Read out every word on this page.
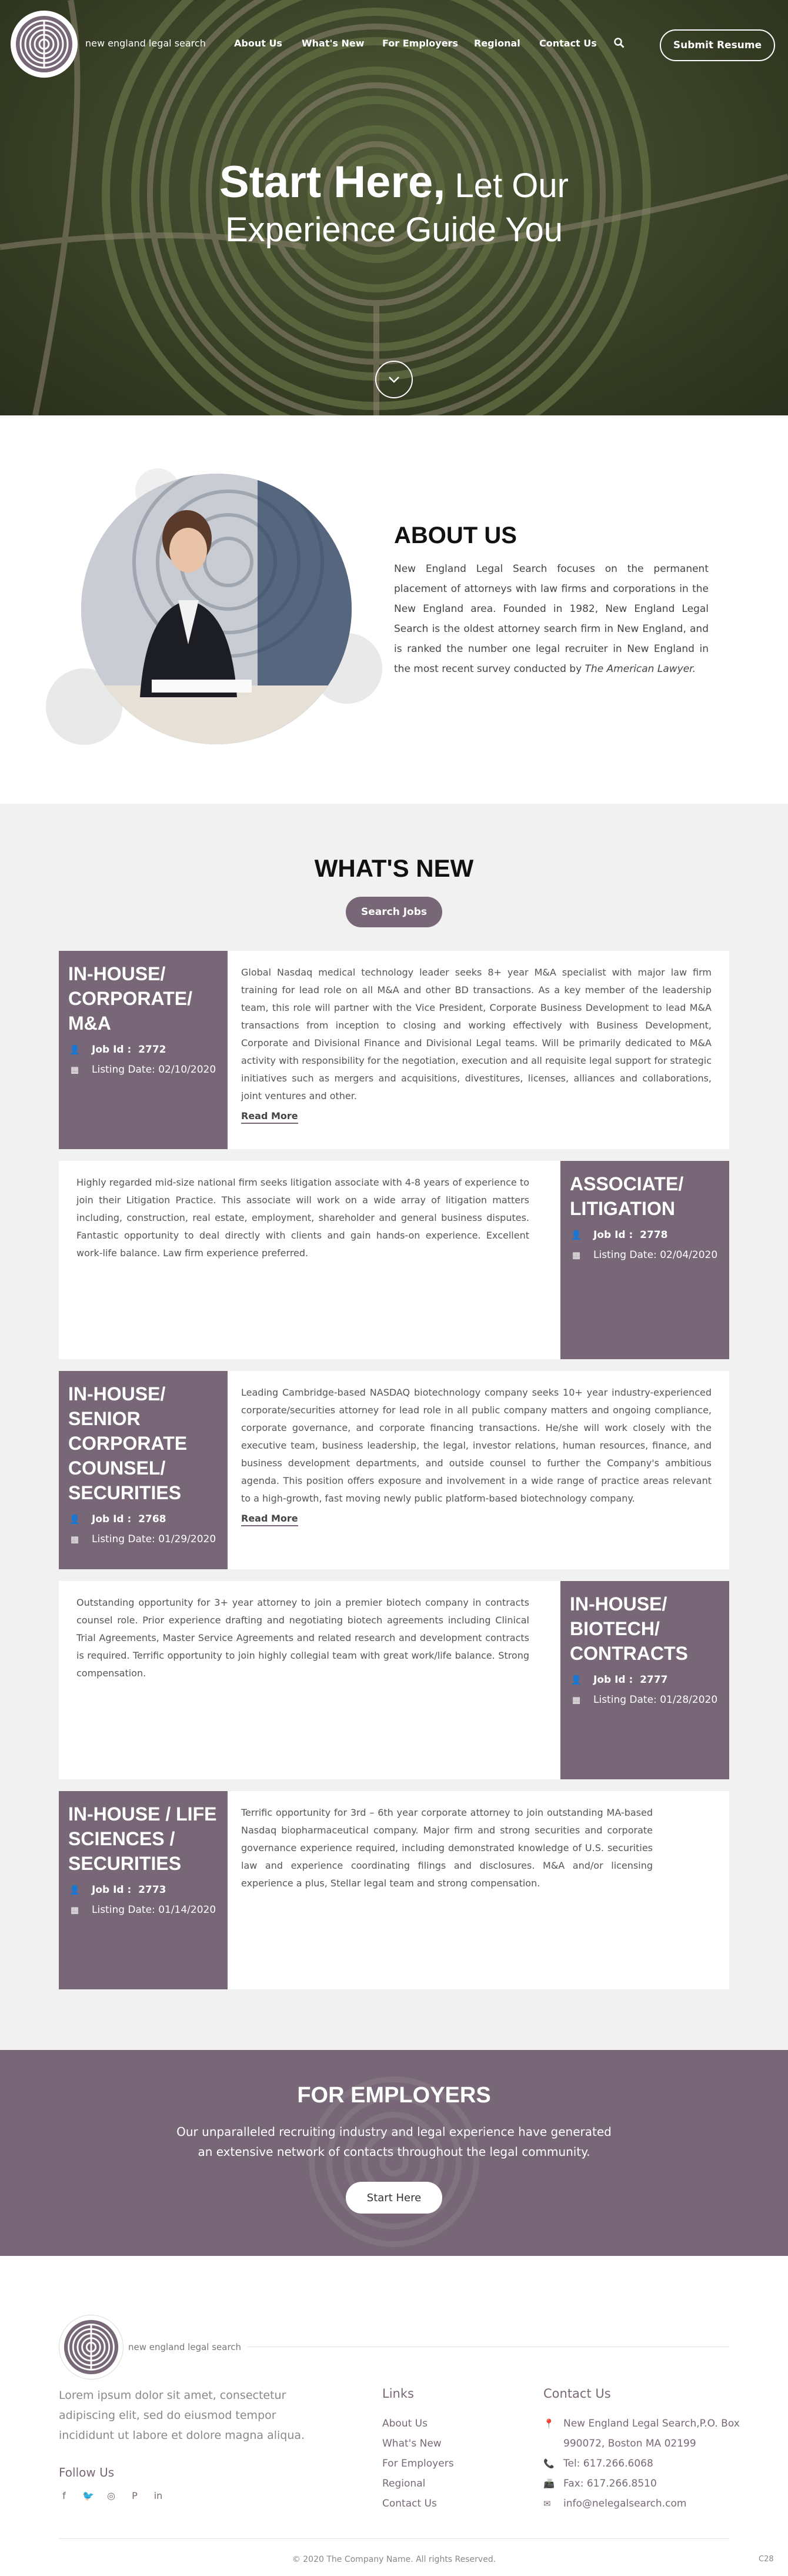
new england legal search	About Us What's New For Employers Regional Contact Us	Submit Resume
Start Here, Let Our
Experience Guide You
ABOUT US

New England Legal Search focuses on the permanent placement of attorneys with law firms and corporations in the New England area. Founded in 1982, New England Legal Search is the oldest attorney search firm in New England, and is ranked the number one legal recruiter in New England in the most recent survey conducted by The American Lawyer.

WHAT'S NEW
Search Jobs
IN-HOUSE/ CORPORATE/ M&A
👤 Job Id :
2772
▦ Listing Date:
02/10/2020

Global Nasdaq medical technology leader seeks 8+ year M&A specialist with major law firm training for lead role on all M&A and other BD transactions. As a key member of the leadership team, this role will partner with the Vice President, Corporate Business Development to lead M&A transactions from inception to closing and working effectively with Business Development, Corporate and Divisional Finance and Divisional Legal teams. Will be primarily dedicated to M&A activity with responsibility for the negotiation, execution and all requisite legal support for strategic initiatives such as mergers and acquisitions, divestitures, licenses, alliances and collaborations, joint ventures and other.

Read More

Highly regarded mid-size national firm seeks litigation associate with 4-8 years of experience to join their Litigation Practice. This associate will work on a wide array of litigation matters including, construction, real estate, employment, shareholder and general business disputes. Fantastic opportunity to deal directly with clients and gain hands-on experience. Excellent work-life balance. Law firm experience preferred.

ASSOCIATE/ LITIGATION
👤 Job Id :
2778
▦ Listing Date:
02/04/2020
IN-HOUSE/ SENIOR CORPORATE COUNSEL/ SECURITIES
👤 Job Id :
2768
▦ Listing Date:
01/29/2020

Leading Cambridge-based NASDAQ biotechnology company seeks 10+ year industry-experienced corporate/securities attorney for lead role in all public company matters and ongoing compliance, corporate governance, and corporate financing transactions. He/she will work closely with the executive team, business leadership, the legal, investor relations, human resources, finance, and business development departments, and outside counsel to further the Company's ambitious agenda. This position offers exposure and involvement in a wide range of practice areas relevant to a high-growth, fast moving newly public platform-based biotechnology company.

Read More

Outstanding opportunity for 3+ year attorney to join a premier biotech company in contracts counsel role. Prior experience drafting and negotiating biotech agreements including Clinical Trial Agreements, Master Service Agreements and related research and development contracts is required. Terrific opportunity to join highly collegial team with great work/life balance. Strong compensation.

IN-HOUSE/ BIOTECH/ CONTRACTS
👤 Job Id :
2777
▦ Listing Date:
01/28/2020
IN-HOUSE / LIFE SCIENCES / SECURITIES
👤 Job Id :
2773
▦ Listing Date:
01/14/2020

Terrific opportunity for 3rd – 6th year corporate attorney to join outstanding MA-based Nasdaq biopharmaceutical company. Major firm and strong securities and corporate governance experience required, including demonstrated knowledge of U.S. securities law and experience coordinating filings and disclosures. M&A and/or licensing experience a plus, Stellar legal team and strong compensation.

FOR EMPLOYERS

Our unparalleled recruiting industry and legal experience have generated an extensive network of contacts throughout the legal community.

Start Here
new england legal search

Lorem ipsum dolor sit amet, consectetur adipiscing elit, sed do eiusmod tempor incididunt ut labore et dolore magna aliqua.

Follow Us
f	🐦 ◎ P in
Links
About Us
What's New
For Employers
Regional
Contact Us
Contact Us
📍 New England Legal Search,P.O. Box
990072, Boston MA 02199
📞 Tel: 617.266.6068
📠 Fax: 617.266.8510
✉	info@nelegalsearch.com
© 2020 The Company Name. All rights Reserved.	C28
